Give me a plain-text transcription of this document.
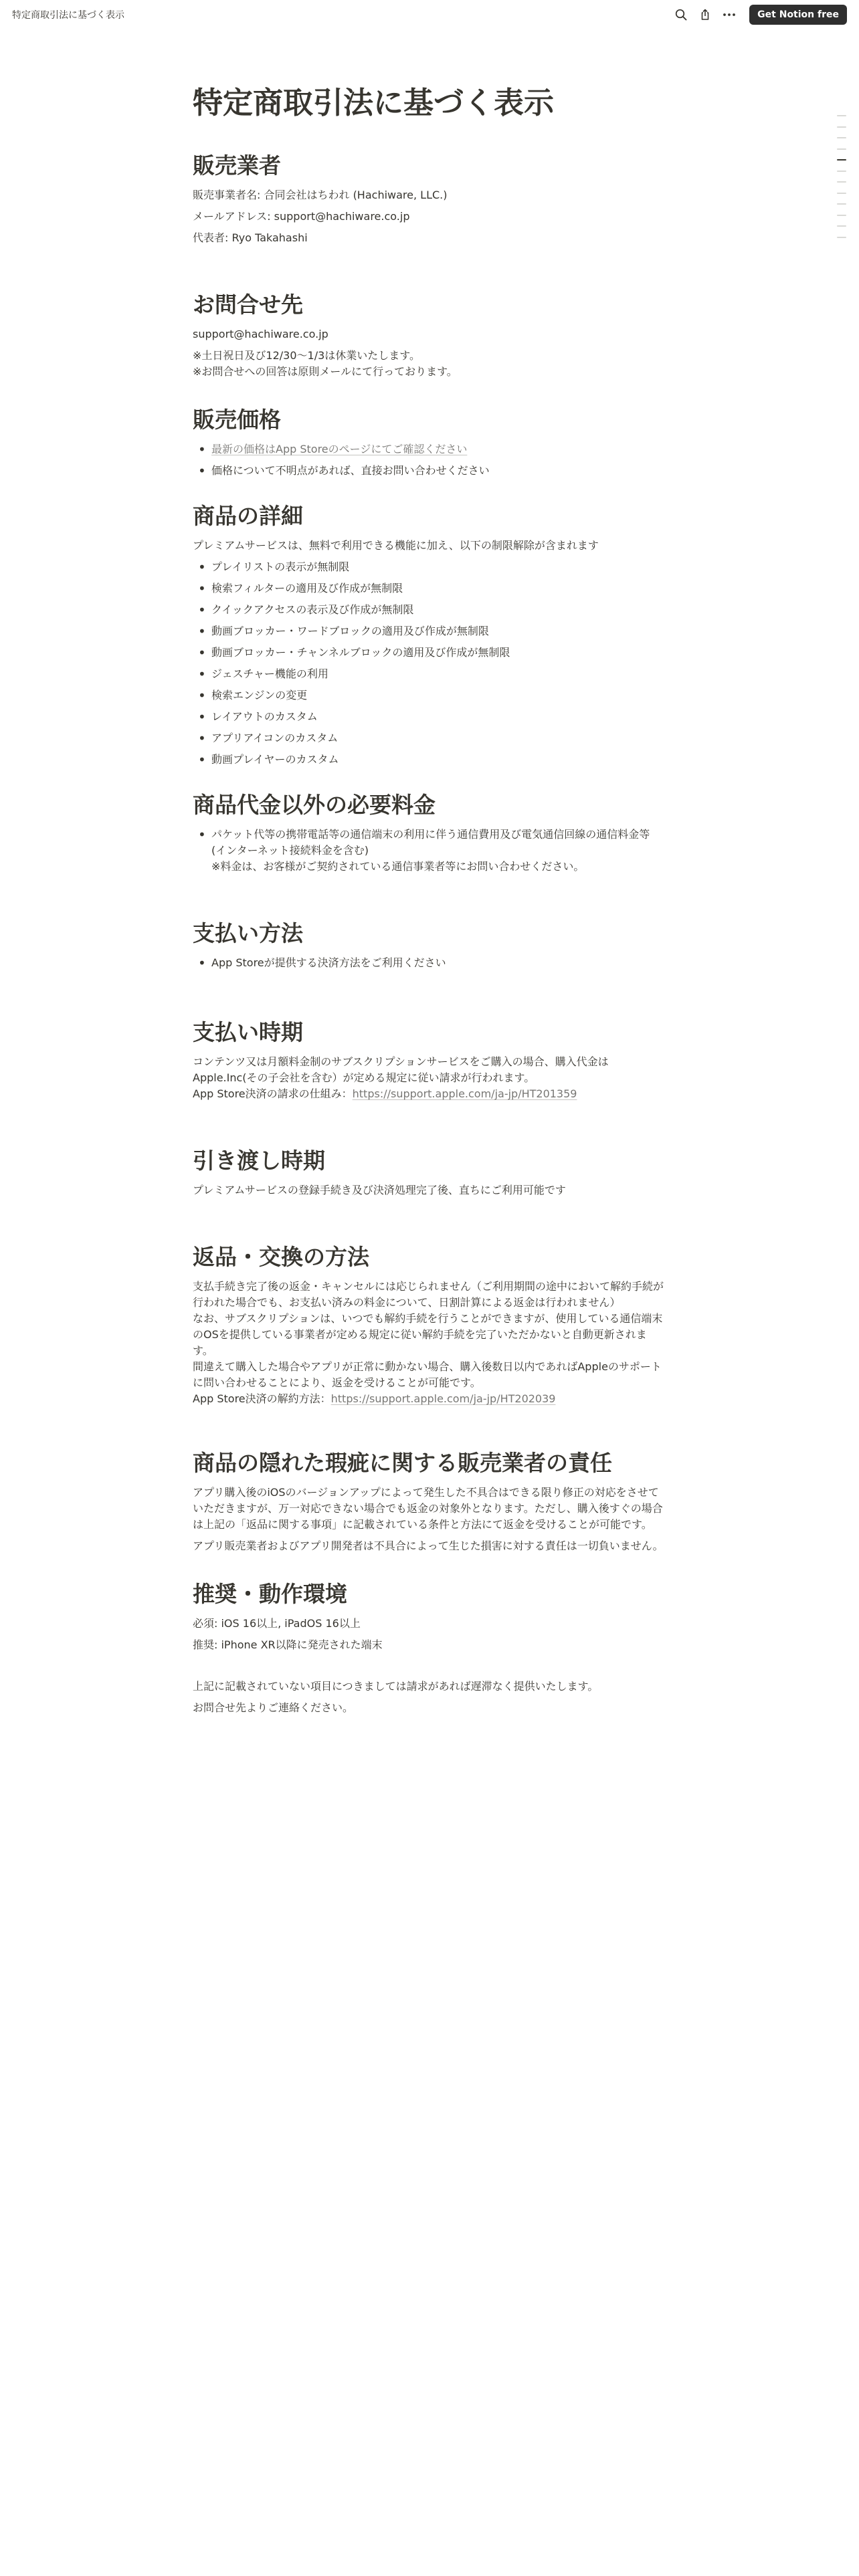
特定商取引法に基づく表示	Get Notion free
特定商取引法に基づく表示
販売業者
販売事業者名: 合同会社はちわれ (Hachiware, LLC.)
メールアドレス: support@hachiware.co.jp
代表者: Ryo Takahashi
お問合せ先
support@hachiware.co.jp
※土日祝日及び12/30〜1/3は休業いたします。
※お問合せへの回答は原則メールにて行っております。
販売価格
• 最新の価格はApp Storeのページにてご確認ください
• 価格について不明点があれば、直接お問い合わせください
商品の詳細
プレミアムサービスは、無料で利用できる機能に加え、以下の制限解除が含まれます
• プレイリストの表示が無制限
• 検索フィルターの適用及び作成が無制限
• クイックアクセスの表示及び作成が無制限
• 動画ブロッカー・ワードブロックの適用及び作成が無制限
• 動画ブロッカー・チャンネルブロックの適用及び作成が無制限
• ジェスチャー機能の利用
• 検索エンジンの変更
• レイアウトのカスタム
• アプリアイコンのカスタム
• 動画プレイヤーのカスタム
商品代金以外の必要料金
• パケット代等の携帯電話等の通信端末の利用に伴う通信費用及び電気通信回線の通信料金等
(インターネット接続料金を含む)
※料金は、お客様がご契約されている通信事業者等にお問い合わせください。
支払い方法
• App Storeが提供する決済方法をご利用ください
支払い時期
コンテンツ又は月額料金制のサブスクリプションサービスをご購入の場合、購入代金は
Apple.Inc(その子会社を含む）が定める規定に従い請求が行われます。
App Store決済の請求の仕組み：https://support.apple.com/ja-jp/HT201359
引き渡し時期
プレミアムサービスの登録手続き及び決済処理完了後、直ちにご利用可能です
返品・交換の方法
支払手続き完了後の返金・キャンセルには応じられません（ご利用期間の途中において解約手続が
行われた場合でも、お支払い済みの料金について、日割計算による返金は行われません）
なお、サブスクリプションは、いつでも解約手続を行うことができますが、使用している通信端末
のOSを提供している事業者が定める規定に従い解約手続を完了いただかないと自動更新されま
す。
間違えて購入した場合やアプリが正常に動かない場合、購入後数日以内であればAppleのサポート
に問い合わせることにより、返金を受けることが可能です。
App Store決済の解約方法：https://support.apple.com/ja-jp/HT202039
商品の隠れた瑕疵に関する販売業者の責任
アプリ購入後のiOSのバージョンアップによって発生した不具合はできる限り修正の対応をさせて
いただきますが、万一対応できない場合でも返金の対象外となります。ただし、購入後すぐの場合
は上記の「返品に関する事項」に記載されている条件と方法にて返金を受けることが可能です。
アプリ販売業者およびアプリ開発者は不具合によって生じた損害に対する責任は一切負いません。
推奨・動作環境
必須: iOS 16以上, iPadOS 16以上
推奨: iPhone XR以降に発売された端末
上記に記載されていない項目につきましては請求があれば遅滞なく提供いたします。
お問合せ先よりご連絡ください。
